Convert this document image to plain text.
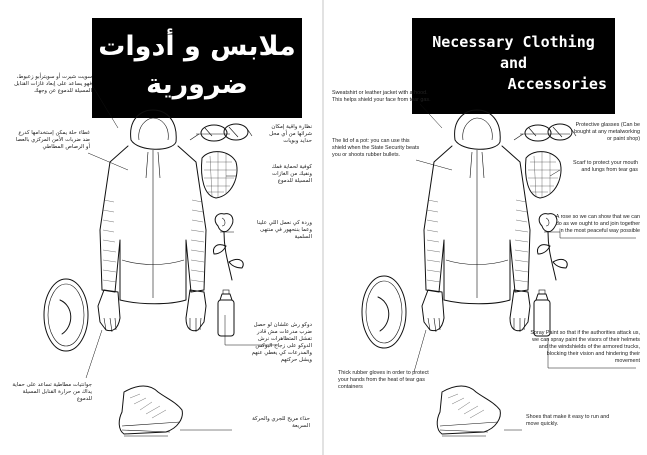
ملابس و أدوات
ضرورية
سويت شيرت أو سويترأبو زعبوط، فهو يساعد على إبعاد غازات القنابل المسيلة للدموع عن وجهك
غطاء حلة يمكن إستخدامها كدرع ضد ضربات الأمن المركزي بالعصا أو الرصاص المطاطي
نظارة واقية إمكان شرائها من أي محل حدايد وبويات
كوفية لحماية فمك ونفيك من الغازات المسيلة للدموع
وردة كي نعمل اللي علينا وعما بننحهور في منتهى السلمية
دوكو رش علشان لو حصل ضرب مدرعات مش قادر تفشل المتظاهرات نرش الدوكو على زجاج البوكس والمدرعات كي يغطي عنهم ويشل حركتهم
جوانتيات مطاطية تساعد على حماية يداك من حرارة القنابل المسيلة للدموع
حذاء مريح للجري والحركة السريعة
Necessary Clothing
and
Accessories
Sweatshirt or leather jacket with a hood. This helps shield your face from tear gas.
The lid of a pot: you can use this shield when the State Security beats you or shoots rubber bullets.
Protective glasses (Can be bought at any metalworking or paint shop)
Scarf to protect your mouth and lungs from tear gas
A rose so we can show that we can do as we ought to and join together in the most peaceful way possible
Spray Paint so that if the authorities attack us, we can spray paint the visors of their helmets and the windshields of the armored trucks, blocking their vision and hindering their movement
Thick rubber gloves in order to protect your hands from the heat of tear gas containers
Shoes that make it easy to run and move quickly.
